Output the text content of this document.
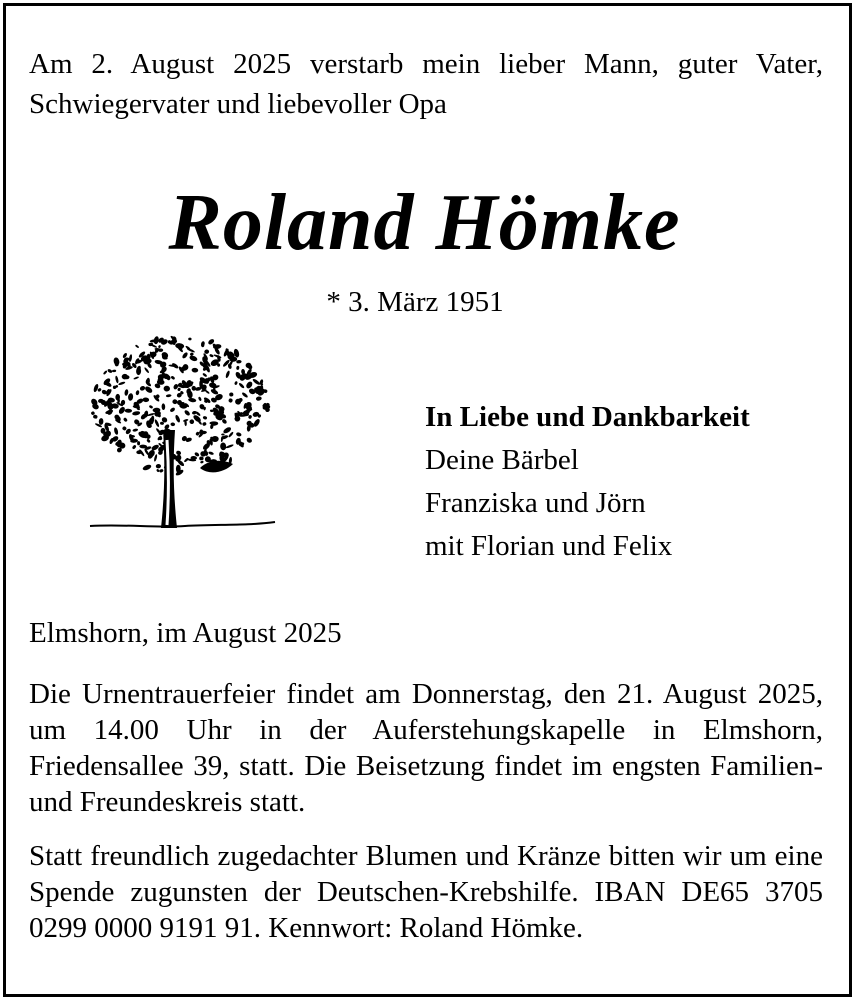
Am 2. August 2025 verstarb mein lieber Mann, guter Vater, Schwiegervater und liebevoller Opa
Roland Hömke
* 3. März 1951
In Liebe und Dankbarkeit
Deine Bärbel
Franziska und Jörn
mit Florian und Felix
Elmshorn, im August 2025
Die Urnentrauerfeier findet am Donnerstag, den 21. August 2025, um 14.00 Uhr in der Auferstehungskapelle in Elmshorn, Friedensallee 39, statt. Die Beisetzung findet im engsten Familien- und Freundeskreis statt.
Statt freundlich zugedachter Blumen und Kränze bitten wir um eine Spende zugunsten der Deutschen-Krebshilfe. IBAN DE65 3705 0299 0000 9191 91. Kennwort: Roland Hömke.
